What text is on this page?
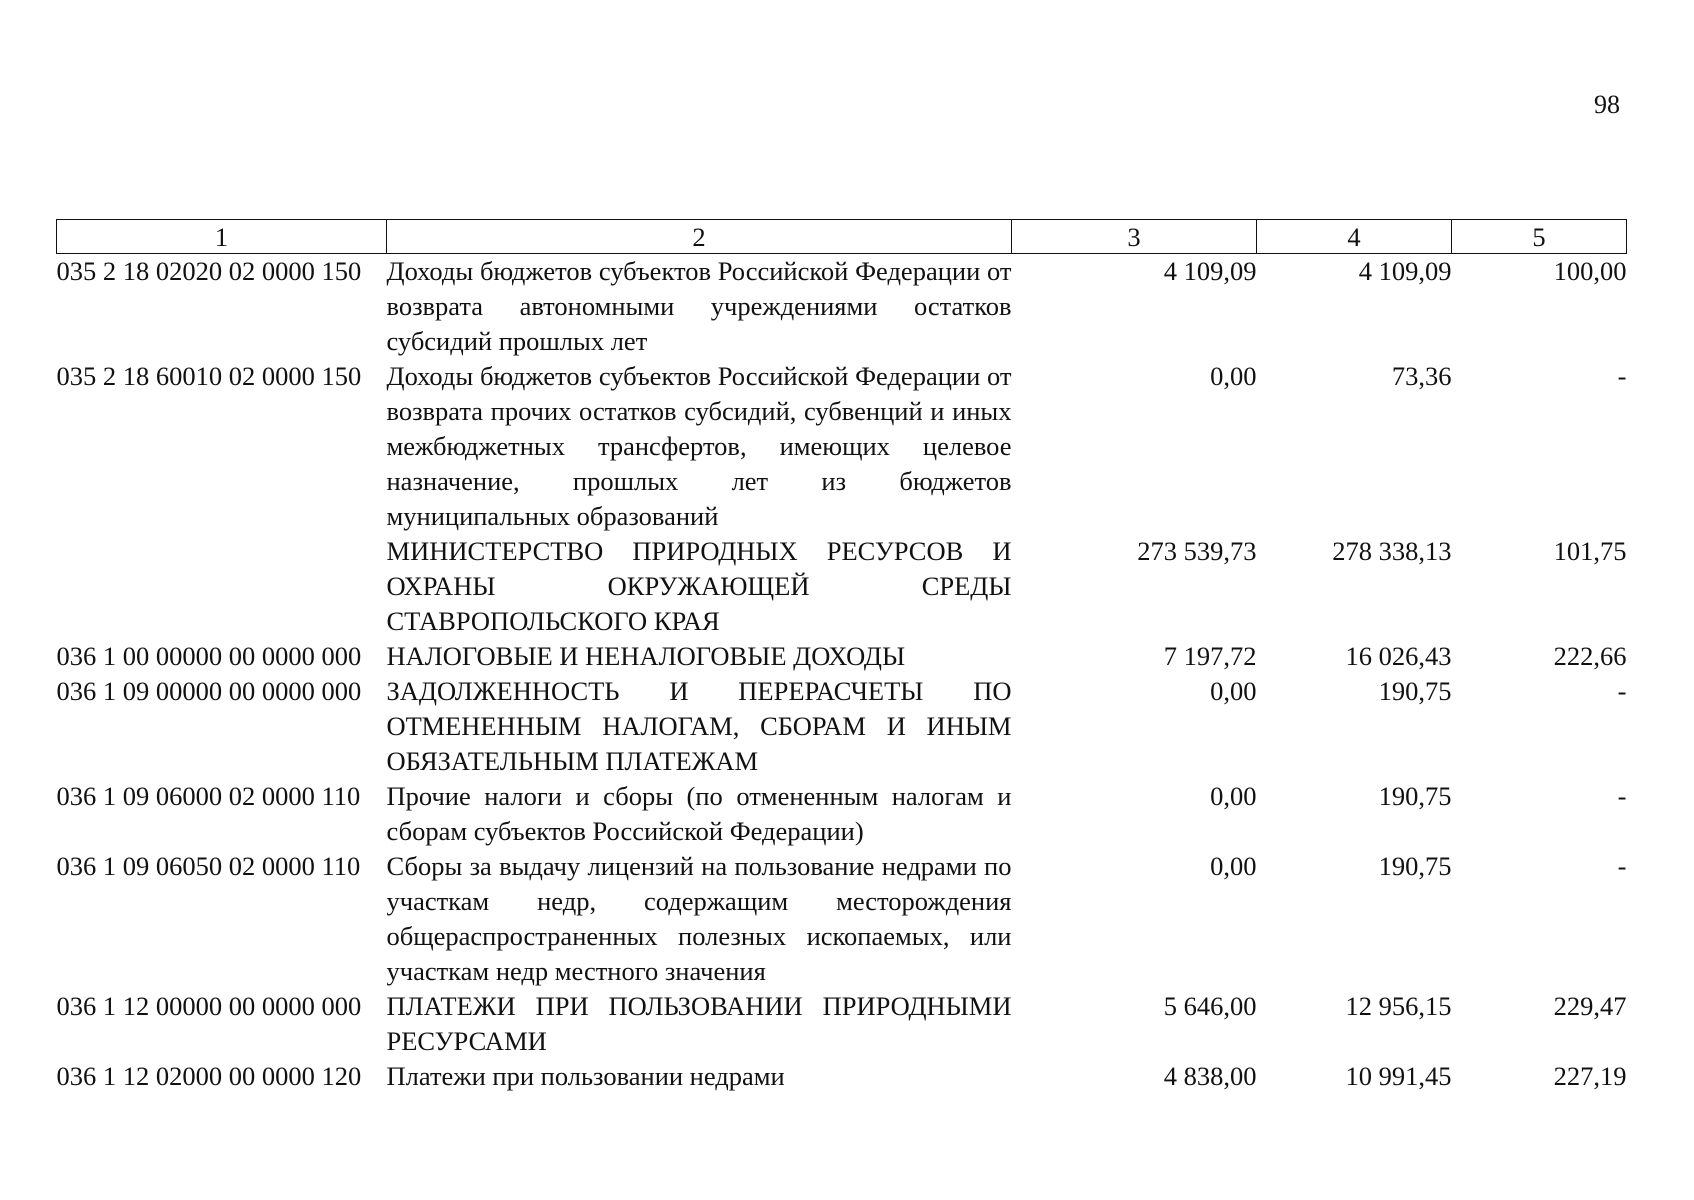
98
1	2	3	4	5
035 2 18 02020 02 0000 150	Доходы бюджетов субъектов Российской Федерации от возврата автономными учреждениями остатков субсидий прошлых лет	4 109,09	4 109,09	100,00
035 2 18 60010 02 0000 150	Доходы бюджетов субъектов Российской Федерации от возврата прочих остатков субсидий, субвенций и иных межбюджетных трансфертов, имеющих целевое назначение, прошлых лет из бюджетов муниципальных образований	0,00	73,36	-
	МИНИСТЕРСТВО ПРИРОДНЫХ РЕСУРСОВ И ОХРАНЫ ОКРУЖАЮЩЕЙ СРЕДЫ СТАВРОПОЛЬСКОГО КРАЯ	273 539,73	278 338,13	101,75
036 1 00 00000 00 0000 000	НАЛОГОВЫЕ И НЕНАЛОГОВЫЕ ДОХОДЫ	7 197,72	16 026,43	222,66
036 1 09 00000 00 0000 000	ЗАДОЛЖЕННОСТЬ И ПЕРЕРАСЧЕТЫ ПО ОТМЕНЕННЫМ НАЛОГАМ, СБОРАМ И ИНЫМ ОБЯЗАТЕЛЬНЫМ ПЛАТЕЖАМ	0,00	190,75	-
036 1 09 06000 02 0000 110	Прочие налоги и сборы (по отмененным налогам и сборам субъектов Российской Федерации)	0,00	190,75	-
036 1 09 06050 02 0000 110	Сборы за выдачу лицензий на пользование недрами по участкам недр, содержащим месторождения общераспространенных полезных ископаемых, или участкам недр местного значения	0,00	190,75	-
036 1 12 00000 00 0000 000	ПЛАТЕЖИ ПРИ ПОЛЬЗОВАНИИ ПРИРОДНЫМИ РЕСУРСАМИ	5 646,00	12 956,15	229,47
036 1 12 02000 00 0000 120	Платежи при пользовании недрами	4 838,00	10 991,45	227,19
